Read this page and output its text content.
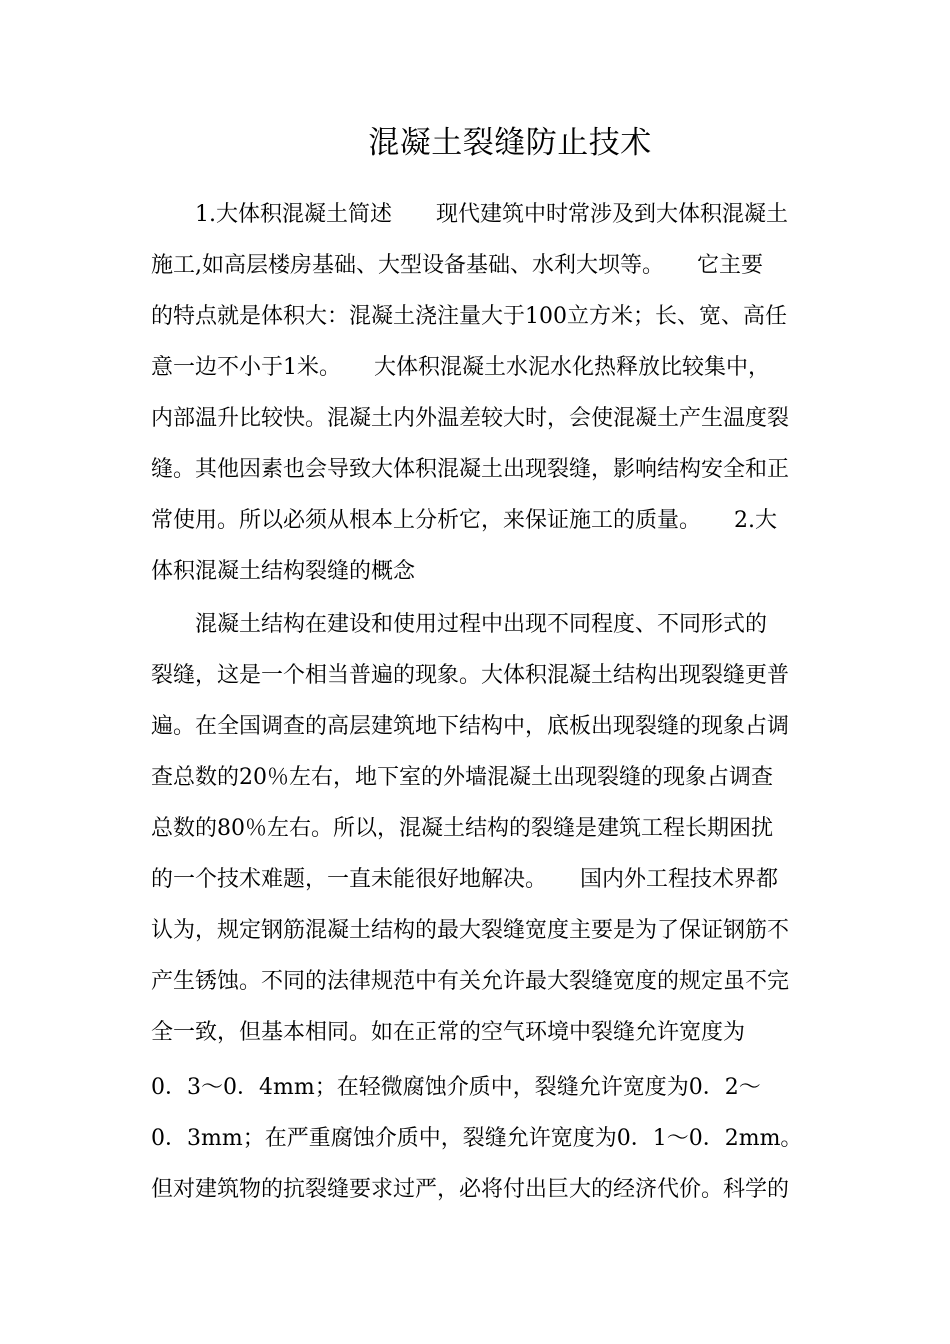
混凝土裂缝防止技术
　　1.大体积混凝土简述　　现代建筑中时常涉及到大体积混凝土
施工,如高层楼房基础、大型设备基础、水利大坝等。　　它主要
的特点就是体积大：混凝土浇注量大于100立方米；长、宽、高任
意一边不小于1米。　　大体积混凝土水泥水化热释放比较集中，
内部温升比较快。混凝土内外温差较大时，会使混凝土产生温度裂
缝。其他因素也会导致大体积混凝土出现裂缝，影响结构安全和正
常使用。所以必须从根本上分析它，来保证施工的质量。　　2.大
体积混凝土结构裂缝的概念
　　混凝土结构在建设和使用过程中出现不同程度、不同形式的
裂缝，这是一个相当普遍的现象。大体积混凝土结构出现裂缝更普
遍。在全国调查的高层建筑地下结构中，底板出现裂缝的现象占调
查总数的20％左右，地下室的外墙混凝土出现裂缝的现象占调查
总数的80％左右。所以，混凝土结构的裂缝是建筑工程长期困扰
的一个技术难题，一直未能很好地解决。　　国内外工程技术界都
认为，规定钢筋混凝土结构的最大裂缝宽度主要是为了保证钢筋不
产生锈蚀。不同的法律规范中有关允许最大裂缝宽度的规定虽不完
全一致，但基本相同。如在正常的空气环境中裂缝允许宽度为
0．3～0．4mm；在轻微腐蚀介质中，裂缝允许宽度为0．2～
0．3mm；在严重腐蚀介质中，裂缝允许宽度为0．1～0．2mm。
但对建筑物的抗裂缝要求过严，必将付出巨大的经济代价。科学的
